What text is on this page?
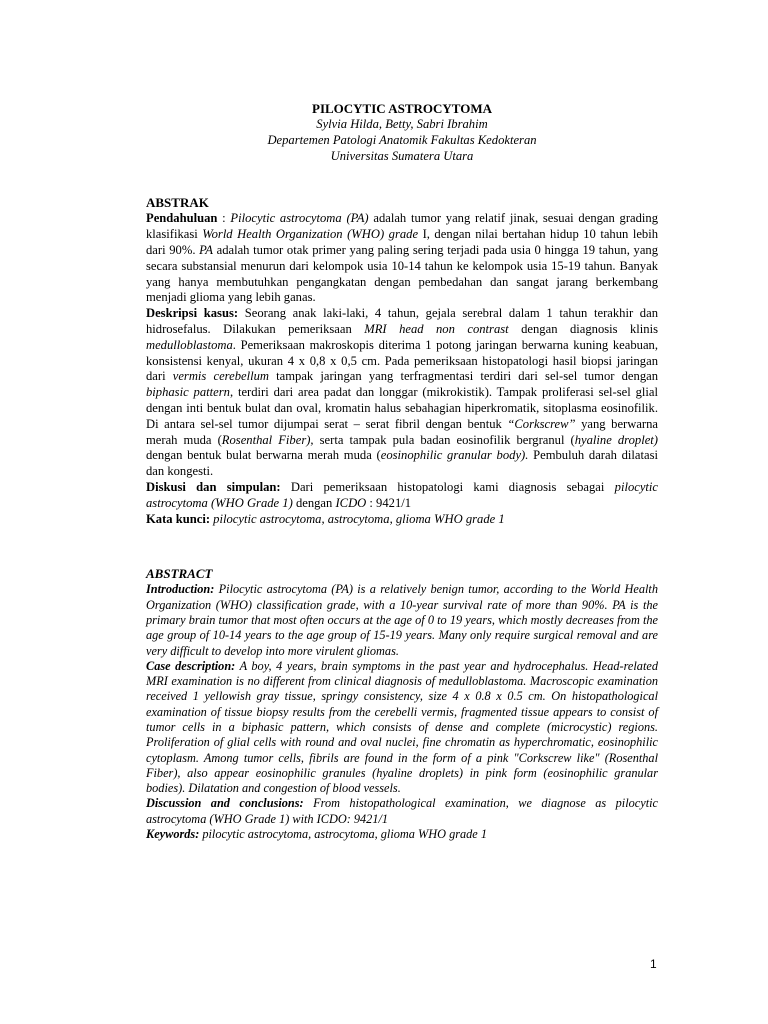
PILOCYTIC ASTROCYTOMA
Sylvia Hilda, Betty, Sabri Ibrahim
Departemen Patologi Anatomik Fakultas Kedokteran
Universitas Sumatera Utara
ABSTRAK

Pendahuluan : Pilocytic astrocytoma (PA) adalah tumor yang relatif jinak, sesuai dengan grading klasifikasi World Health Organization (WHO) grade I, dengan nilai bertahan hidup 10 tahun lebih dari 90%. PA adalah tumor otak primer yang paling sering terjadi pada usia 0 hingga 19 tahun, yang secara substansial menurun dari kelompok usia 10-14 tahun ke kelompok usia 15-19 tahun. Banyak yang hanya membutuhkan pengangkatan dengan pembedahan dan sangat jarang berkembang menjadi glioma yang lebih ganas.

Deskripsi kasus: Seorang anak laki-laki, 4 tahun, gejala serebral dalam 1 tahun terakhir dan hidrosefalus. Dilakukan pemeriksaan MRI head non contrast dengan diagnosis klinis medulloblastoma. Pemeriksaan makroskopis diterima 1 potong jaringan berwarna kuning keabuan, konsistensi kenyal, ukuran 4 x 0,8 x 0,5 cm. Pada pemeriksaan histopatologi hasil biopsi jaringan dari vermis cerebellum tampak jaringan yang terfragmentasi terdiri dari sel-sel tumor dengan biphasic pattern, terdiri dari area padat dan longgar (mikrokistik). Tampak proliferasi sel-sel glial dengan inti bentuk bulat dan oval, kromatin halus sebahagian hiperkromatik, sitoplasma eosinofilik. Di antara sel-sel tumor dijumpai serat – serat fibril dengan bentuk “Corkscrew” yang berwarna merah muda (Rosenthal Fiber), serta tampak pula badan eosinofilik bergranul (hyaline droplet) dengan bentuk bulat berwarna merah muda (eosinophilic granular body). Pembuluh darah dilatasi dan kongesti.

Diskusi dan simpulan: Dari pemeriksaan histopatologi kami diagnosis sebagai pilocytic astrocytoma (WHO Grade 1) dengan ICDO : 9421/1

Kata kunci: pilocytic astrocytoma, astrocytoma, glioma WHO grade 1

ABSTRACT

Introduction: Pilocytic astrocytoma (PA) is a relatively benign tumor, according to the World Health Organization (WHO) classification grade, with a 10-year survival rate of more than 90%. PA is the primary brain tumor that most often occurs at the age of 0 to 19 years, which mostly decreases from the age group of 10-14 years to the age group of 15-19 years. Many only require surgical removal and are very difficult to develop into more virulent gliomas.

Case description: A boy, 4 years, brain symptoms in the past year and hydrocephalus. Head-related MRI examination is no different from clinical diagnosis of medulloblastoma. Macroscopic examination received 1 yellowish gray tissue, springy consistency, size 4 x 0.8 x 0.5 cm. On histopathological examination of tissue biopsy results from the cerebelli vermis, fragmented tissue appears to consist of tumor cells in a biphasic pattern, which consists of dense and complete (microcystic) regions. Proliferation of glial cells with round and oval nuclei, fine chromatin as hyperchromatic, eosinophilic cytoplasm. Among tumor cells, fibrils are found in the form of a pink "Corkscrew like" (Rosenthal Fiber), also appear eosinophilic granules (hyaline droplets) in pink form (eosinophilic granular bodies). Dilatation and congestion of blood vessels.

Discussion and conclusions: From histopathological examination, we diagnose as pilocytic astrocytoma (WHO Grade 1) with ICDO: 9421/1

Keywords: pilocytic astrocytoma, astrocytoma, glioma WHO grade 1

1
